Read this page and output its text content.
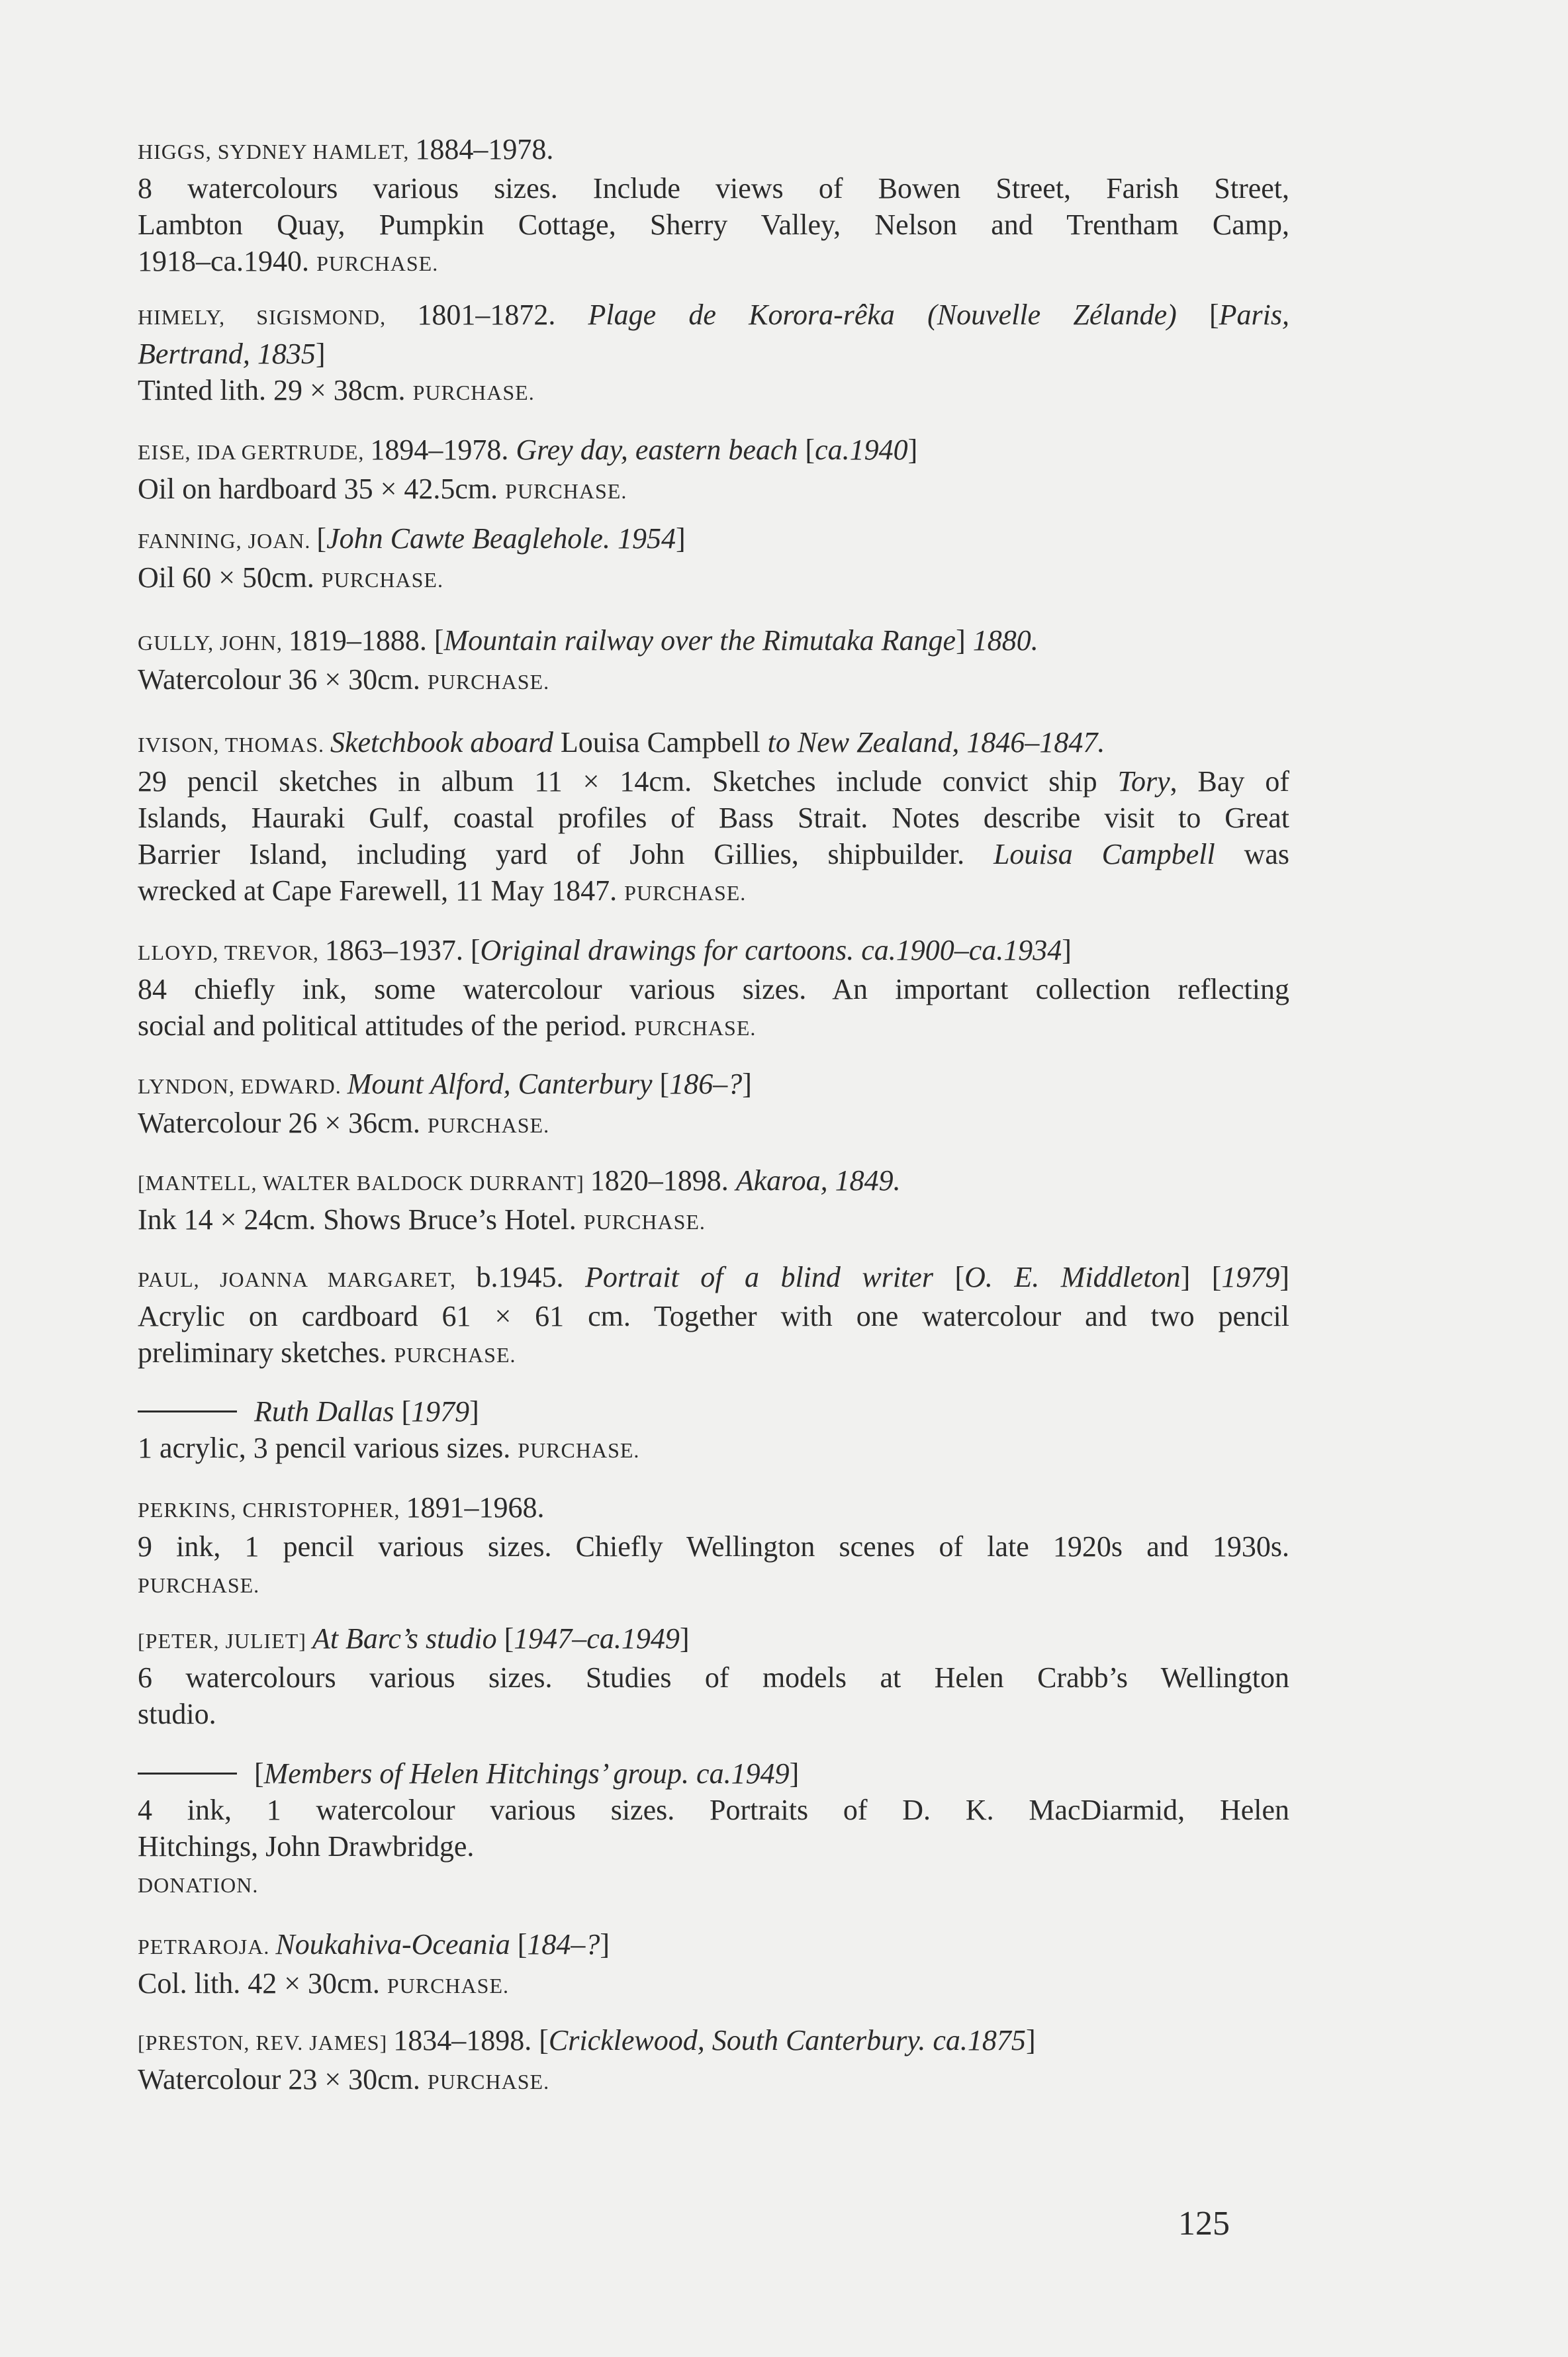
HIGGS, SYDNEY HAMLET, 1884–1978.
8 watercolours various sizes. Include views of Bowen Street, Farish Street,
Lambton Quay, Pumpkin Cottage, Sherry Valley, Nelson and Trentham Camp,
1918–ca.1940. PURCHASE.
HIMELY, SIGISMOND, 1801–1872. Plage de Korora-rêka (Nouvelle Zélande) [Paris,
Bertrand, 1835]
Tinted lith. 29 × 38cm. PURCHASE.
EISE, IDA GERTRUDE, 1894–1978. Grey day, eastern beach [ca.1940]
Oil on hardboard 35 × 42.5cm. PURCHASE.
FANNING, JOAN. [John Cawte Beaglehole. 1954]
Oil 60 × 50cm. PURCHASE.
GULLY, JOHN, 1819–1888. [Mountain railway over the Rimutaka Range] 1880.
Watercolour 36 × 30cm. PURCHASE.
IVISON, THOMAS. Sketchbook aboard Louisa Campbell to New Zealand, 1846–1847.
29 pencil sketches in album 11 × 14cm. Sketches include convict ship Tory, Bay of
Islands, Hauraki Gulf, coastal profiles of Bass Strait. Notes describe visit to Great
Barrier Island, including yard of John Gillies, shipbuilder. Louisa Campbell was
wrecked at Cape Farewell, 11 May 1847. PURCHASE.
LLOYD, TREVOR, 1863–1937. [Original drawings for cartoons. ca.1900–ca.1934]
84 chiefly ink, some watercolour various sizes. An important collection reflecting
social and political attitudes of the period. PURCHASE.
LYNDON, EDWARD. Mount Alford, Canterbury [186–?]
Watercolour 26 × 36cm. PURCHASE.
[MANTELL, WALTER BALDOCK DURRANT] 1820–1898. Akaroa, 1849.
Ink 14 × 24cm. Shows Bruce’s Hotel. PURCHASE.
PAUL, JOANNA MARGARET, b.1945. Portrait of a blind writer [O. E. Middleton] [1979]
Acrylic on cardboard 61 × 61 cm. Together with one watercolour and two pencil
preliminary sketches. PURCHASE.
Ruth Dallas [1979]
1 acrylic, 3 pencil various sizes. PURCHASE.
PERKINS, CHRISTOPHER, 1891–1968.
9 ink, 1 pencil various sizes. Chiefly Wellington scenes of late 1920s and 1930s.
PURCHASE.
[PETER, JULIET] At Barc’s studio [1947–ca.1949]
6 watercolours various sizes. Studies of models at Helen Crabb’s Wellington
studio.
[Members of Helen Hitchings’ group. ca.1949]
4 ink, 1 watercolour various sizes. Portraits of D. K. MacDiarmid, Helen
Hitchings, John Drawbridge.
DONATION.
PETRAROJA. Noukahiva-Oceania [184–?]
Col. lith. 42 × 30cm. PURCHASE.
[PRESTON, REV. JAMES] 1834–1898. [Cricklewood, South Canterbury. ca.1875]
Watercolour 23 × 30cm. PURCHASE.
125
